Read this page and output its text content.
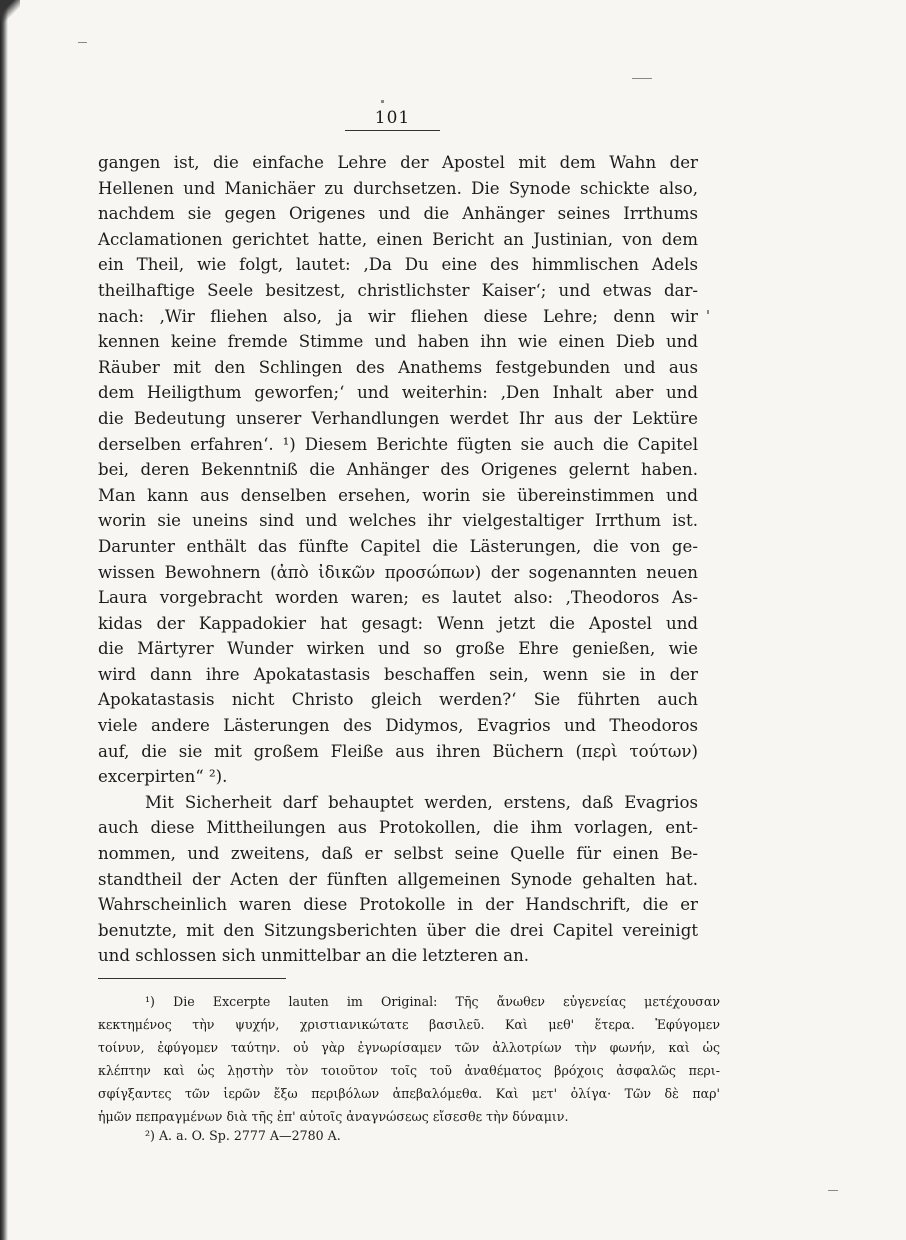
101
gangen ist, die einfache Lehre der Apostel mit dem Wahn der
Hellenen und Manichäer zu durchsetzen. Die Synode schickte also,
nachdem sie gegen Origenes und die Anhänger seines Irrthums
Acclamationen gerichtet hatte, einen Bericht an Justinian, von dem
ein Theil, wie folgt, lautet: ‚Da Du eine des himmlischen Adels
theilhaftige Seele besitzest, christlichster Kaiser‘; und etwas dar-
nach: ‚Wir fliehen also, ja wir fliehen diese Lehre; denn wir
kennen keine fremde Stimme und haben ihn wie einen Dieb und
Räuber mit den Schlingen des Anathems festgebunden und aus
dem Heiligthum geworfen;‘ und weiterhin: ‚Den Inhalt aber und
die Bedeutung unserer Verhandlungen werdet Ihr aus der Lektüre
derselben erfahren‘. ¹) Diesem Berichte fügten sie auch die Capitel
bei, deren Bekenntniß die Anhänger des Origenes gelernt haben.
Man kann aus denselben ersehen, worin sie übereinstimmen und
worin sie uneins sind und welches ihr vielgestaltiger Irrthum ist.
Darunter enthält das fünfte Capitel die Lästerungen, die von ge-
wissen Bewohnern (ἀπὸ ἰδικῶν προσώπων) der sogenannten neuen
Laura vorgebracht worden waren; es lautet also: ‚Theodoros As-
kidas der Kappadokier hat gesagt: Wenn jetzt die Apostel und
die Märtyrer Wunder wirken und so große Ehre genießen, wie
wird dann ihre Apokatastasis beschaffen sein, wenn sie in der
Apokatastasis nicht Christo gleich werden?‘ Sie führten auch
viele andere Lästerungen des Didymos, Evagrios und Theodoros
auf, die sie mit großem Fleiße aus ihren Büchern (περὶ τούτων)
excerpirten“ ²).
Mit Sicherheit darf behauptet werden, erstens, daß Evagrios
auch diese Mittheilungen aus Protokollen, die ihm vorlagen, ent-
nommen, und zweitens, daß er selbst seine Quelle für einen Be-
standtheil der Acten der fünften allgemeinen Synode gehalten hat.
Wahrscheinlich waren diese Protokolle in der Handschrift, die er
benutzte, mit den Sitzungsberichten über die drei Capitel vereinigt
und schlossen sich unmittelbar an die letzteren an.
¹) Die Excerpte lauten im Original: Τῆς ἄνωθεν εὐγενείας μετέχουσαν
κεκτημένος τὴν ψυχήν, χριστιανικώτατε βασιλεῦ. Καὶ μεθ' ἕτερα. Ἐφύγομεν
τοίνυν, ἐφύγομεν ταύτην. οὐ γὰρ ἐγνωρίσαμεν τῶν ἀλλοτρίων τὴν φωνήν, καὶ ὡς
κλέπτην καὶ ὡς λῃστὴν τὸν τοιοῦτον τοῖς τοῦ ἀναθέματος βρόχοις ἀσφαλῶς περι-
σφίγξαντες τῶν ἱερῶν ἔξω περιβόλων ἀπεβαλόμεθα. Καὶ μετ' ὀλίγα· Τῶν δὲ παρ'
ἡμῶν πεπραγμένων διὰ τῆς ἐπ' αὐτοῖς ἀναγνώσεως εἴσεσθε τὴν δύναμιν.
²) A. a. O. Sp. 2777 A—2780 A.
